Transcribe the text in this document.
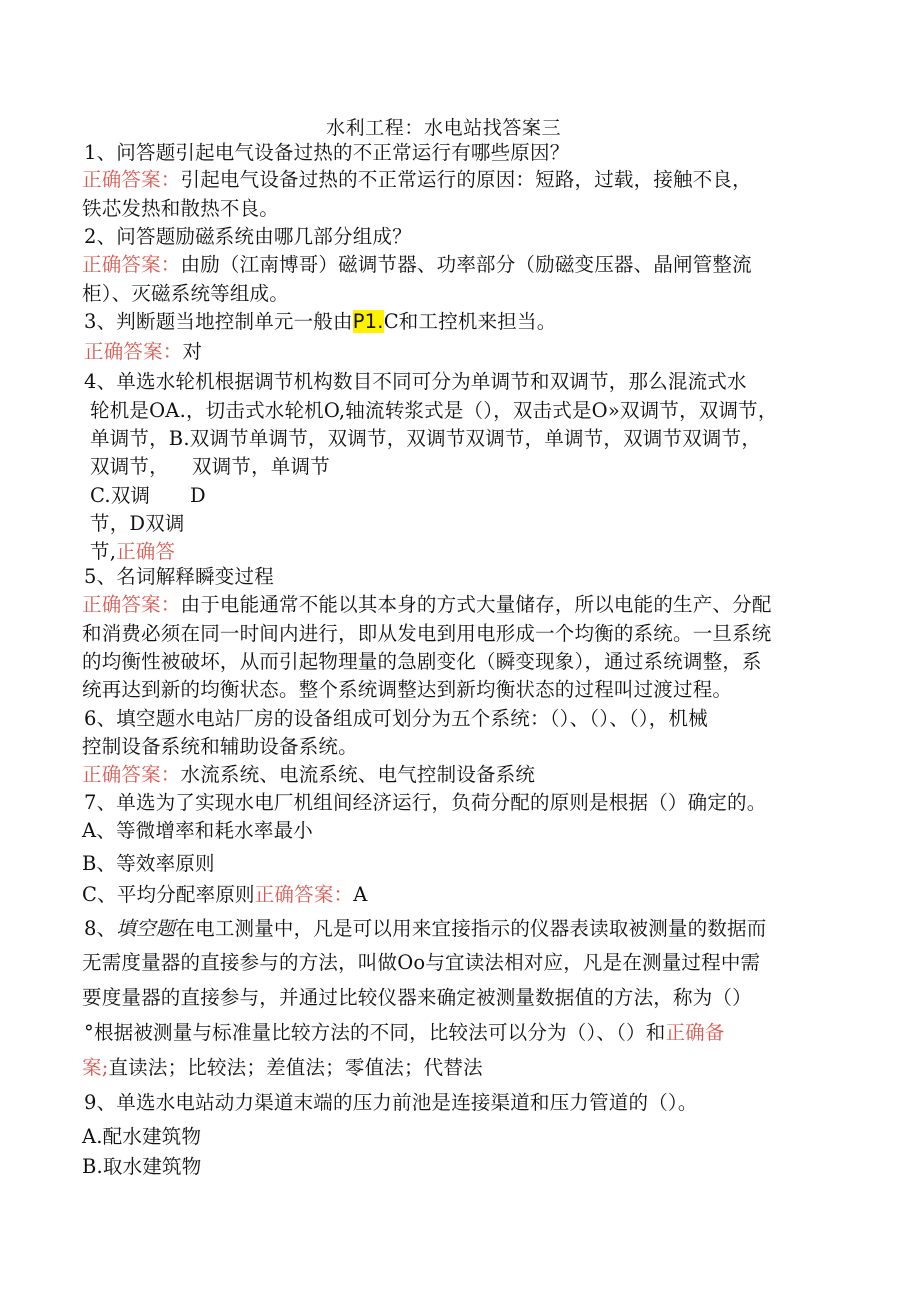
水利工程：水电站找答案三
1、问答题引起电气设备过热的不正常运行有哪些原因？
正确答案：引起电气设备过热的不正常运行的原因：短路，过载，接触不良，
铁芯发热和散热不良。
2、问答题励磁系统由哪几部分组成？
正确答案：由励（江南博哥）磁调节器、功率部分（励磁变压器、晶闸管整流
柜）、灭磁系统等组成。
3、判断题当地控制单元一般由P1.C和工控机来担当。
正确答案：对
4、单选水轮机根据调节机构数目不同可分为单调节和双调节，那么混流式水
轮机是OA.，切击式水轮机O,轴流转浆式是（），双击式是O»双调节，双调节，
单调节，B.双调节单调节，双调节，双调节双调节，单调节，双调节双调节，
双调节， 双调节，单调节
C.双调 D
节，D双调
节,正确答
5、名词解释瞬变过程
正确答案：由于电能通常不能以其本身的方式大量储存，所以电能的生产、分配
和消费必须在同一时间内进行，即从发电到用电形成一个均衡的系统。一旦系统
的均衡性被破坏，从而引起物理量的急剧变化（瞬变现象），通过系统调整，系
统再达到新的均衡状态。整个系统调整达到新均衡状态的过程叫过渡过程。
6、填空题水电站厂房的设备组成可划分为五个系统：（）、（）、（），机械
控制设备系统和辅助设备系统。
正确答案：水流系统、电流系统、电气控制设备系统
7、单选为了实现水电厂机组间经济运行，负荷分配的原则是根据（）确定的。
A、等微增率和耗水率最小
B、等效率原则
C、平均分配率原则正确答案：A
8、填空题在电工测量中，凡是可以用来宜接指示的仪器表读取被测量的数据而
无需度量器的直接参与的方法，叫做Oo与宜读法相对应，凡是在测量过程中需
要度量器的直接参与，并通过比较仪器来确定被测量数据值的方法，称为（）
°根据被测量与标准量比较方法的不同，比较法可以分为（）、（）和正确备
案;直读法；比较法；差值法；零值法；代替法
9、单选水电站动力渠道末端的压力前池是连接渠道和压力管道的（）。
A.配水建筑物
B.取水建筑物
